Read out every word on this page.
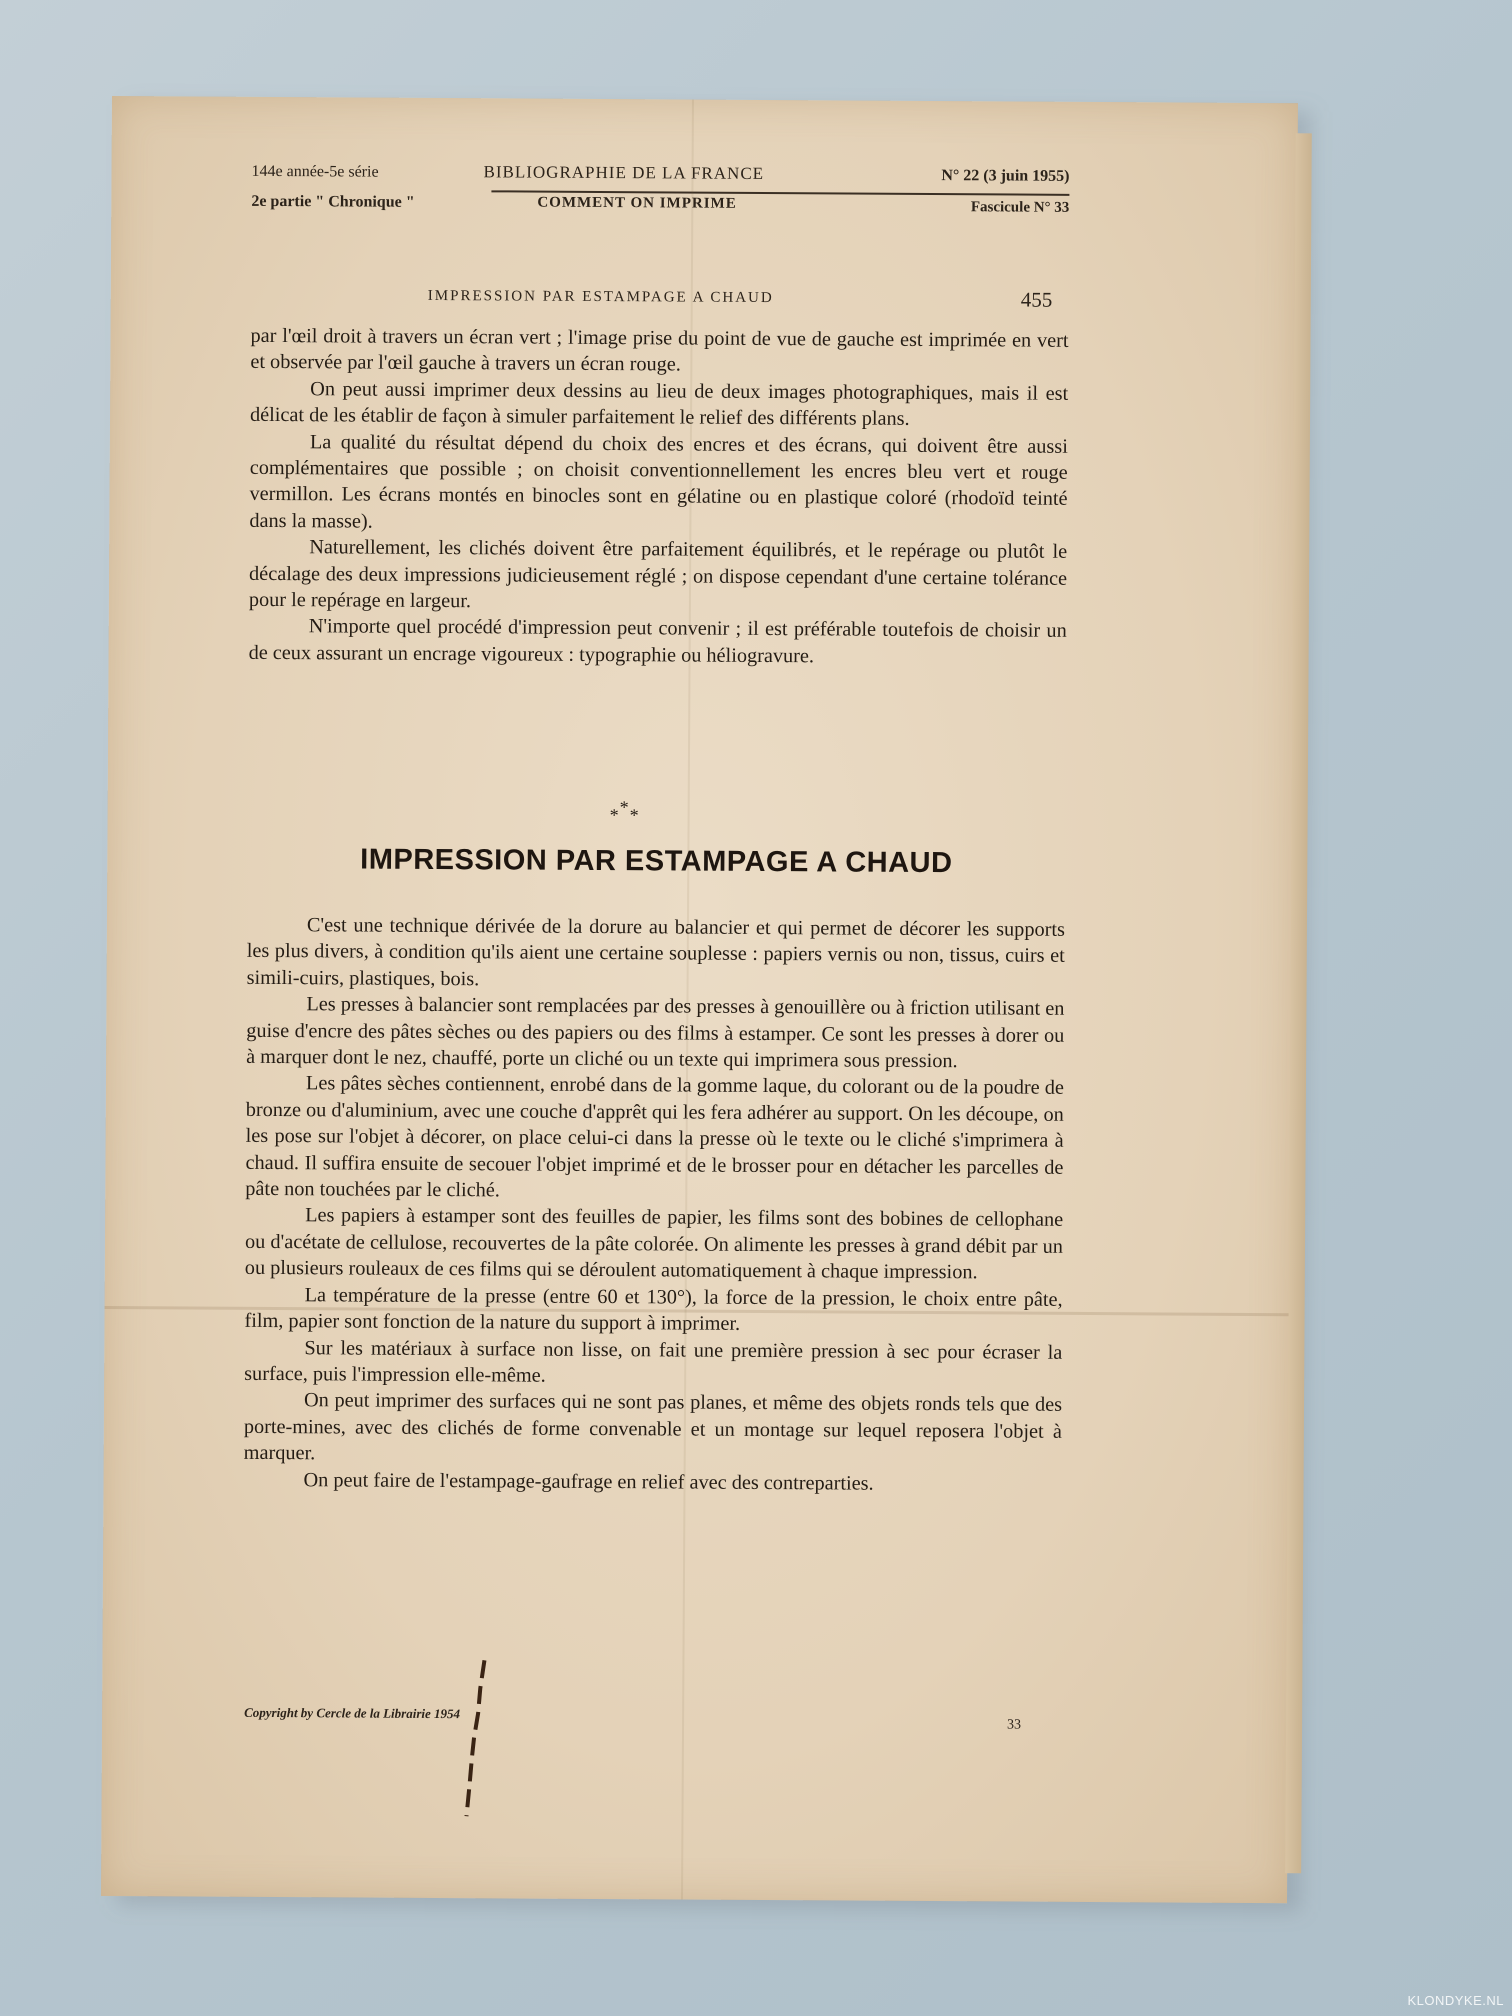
144e année-5e série	BIBLIOGRAPHIE DE LA FRANCE	N° 22 (3 juin 1955)
2e partie " Chronique "	COMMENT ON IMPRIME	Fascicule N° 33
IMPRESSION PAR ESTAMPAGE A CHAUD	455

par l'œil droit à travers un écran vert ; l'image prise du point de vue de gauche est imprimée en vert et observée par l'œil gauche à travers un écran rouge.

On peut aussi imprimer deux dessins au lieu de deux images photographiques, mais il est délicat de les établir de façon à simuler parfaitement le relief des différents plans.

La qualité du résultat dépend du choix des encres et des écrans, qui doivent être aussi complémentaires que possible ; on choisit conventionnellement les encres bleu vert et rouge vermillon. Les écrans montés en binocles sont en gélatine ou en plastique coloré (rhodoïd teinté dans la masse).

Naturellement, les clichés doivent être parfaitement équilibrés, et le repérage ou plutôt le décalage des deux impressions judicieusement réglé ; on dispose cependant d'une certaine tolérance pour le repérage en largeur.

N'importe quel procédé d'impression peut convenir ; il est préférable toutefois de choisir un de ceux assurant un encrage vigoureux : typographie ou héliogravure.

*
* *
IMPRESSION PAR ESTAMPAGE A CHAUD

C'est une technique dérivée de la dorure au balancier et qui permet de décorer les supports les plus divers, à condition qu'ils aient une certaine souplesse : papiers vernis ou non, tissus, cuirs et simili-cuirs, plastiques, bois.

Les presses à balancier sont remplacées par des presses à genouillère ou à friction utilisant en guise d'encre des pâtes sèches ou des papiers ou des films à estamper. Ce sont les presses à dorer ou à marquer dont le nez, chauffé, porte un cliché ou un texte qui imprimera sous pression.

Les pâtes sèches contiennent, enrobé dans de la gomme laque, du colorant ou de la poudre de bronze ou d'aluminium, avec une couche d'apprêt qui les fera adhérer au support. On les découpe, on les pose sur l'objet à décorer, on place celui-ci dans la presse où le texte ou le cliché s'imprimera à chaud. Il suffira ensuite de secouer l'objet imprimé et de le brosser pour en détacher les parcelles de pâte non touchées par le cliché.

Les papiers à estamper sont des feuilles de papier, les films sont des bobines de cellophane ou d'acétate de cellulose, recouvertes de la pâte colorée. On alimente les presses à grand débit par un ou plusieurs rouleaux de ces films qui se déroulent automatiquement à chaque impression.

La température de la presse (entre 60 et 130°), la force de la pression, le choix entre pâte, film, papier sont fonction de la nature du support à imprimer.

Sur les matériaux à surface non lisse, on fait une première pression à sec pour écraser la surface, puis l'impression elle-même.

On peut imprimer des surfaces qui ne sont pas planes, et même des objets ronds tels que des porte-mines, avec des clichés de forme convenable et un montage sur lequel reposera l'objet à marquer.

On peut faire de l'estampage-gaufrage en relief avec des contreparties.

Copyright by Cercle de la Librairie 1954
33
KLONDYKE.NL
